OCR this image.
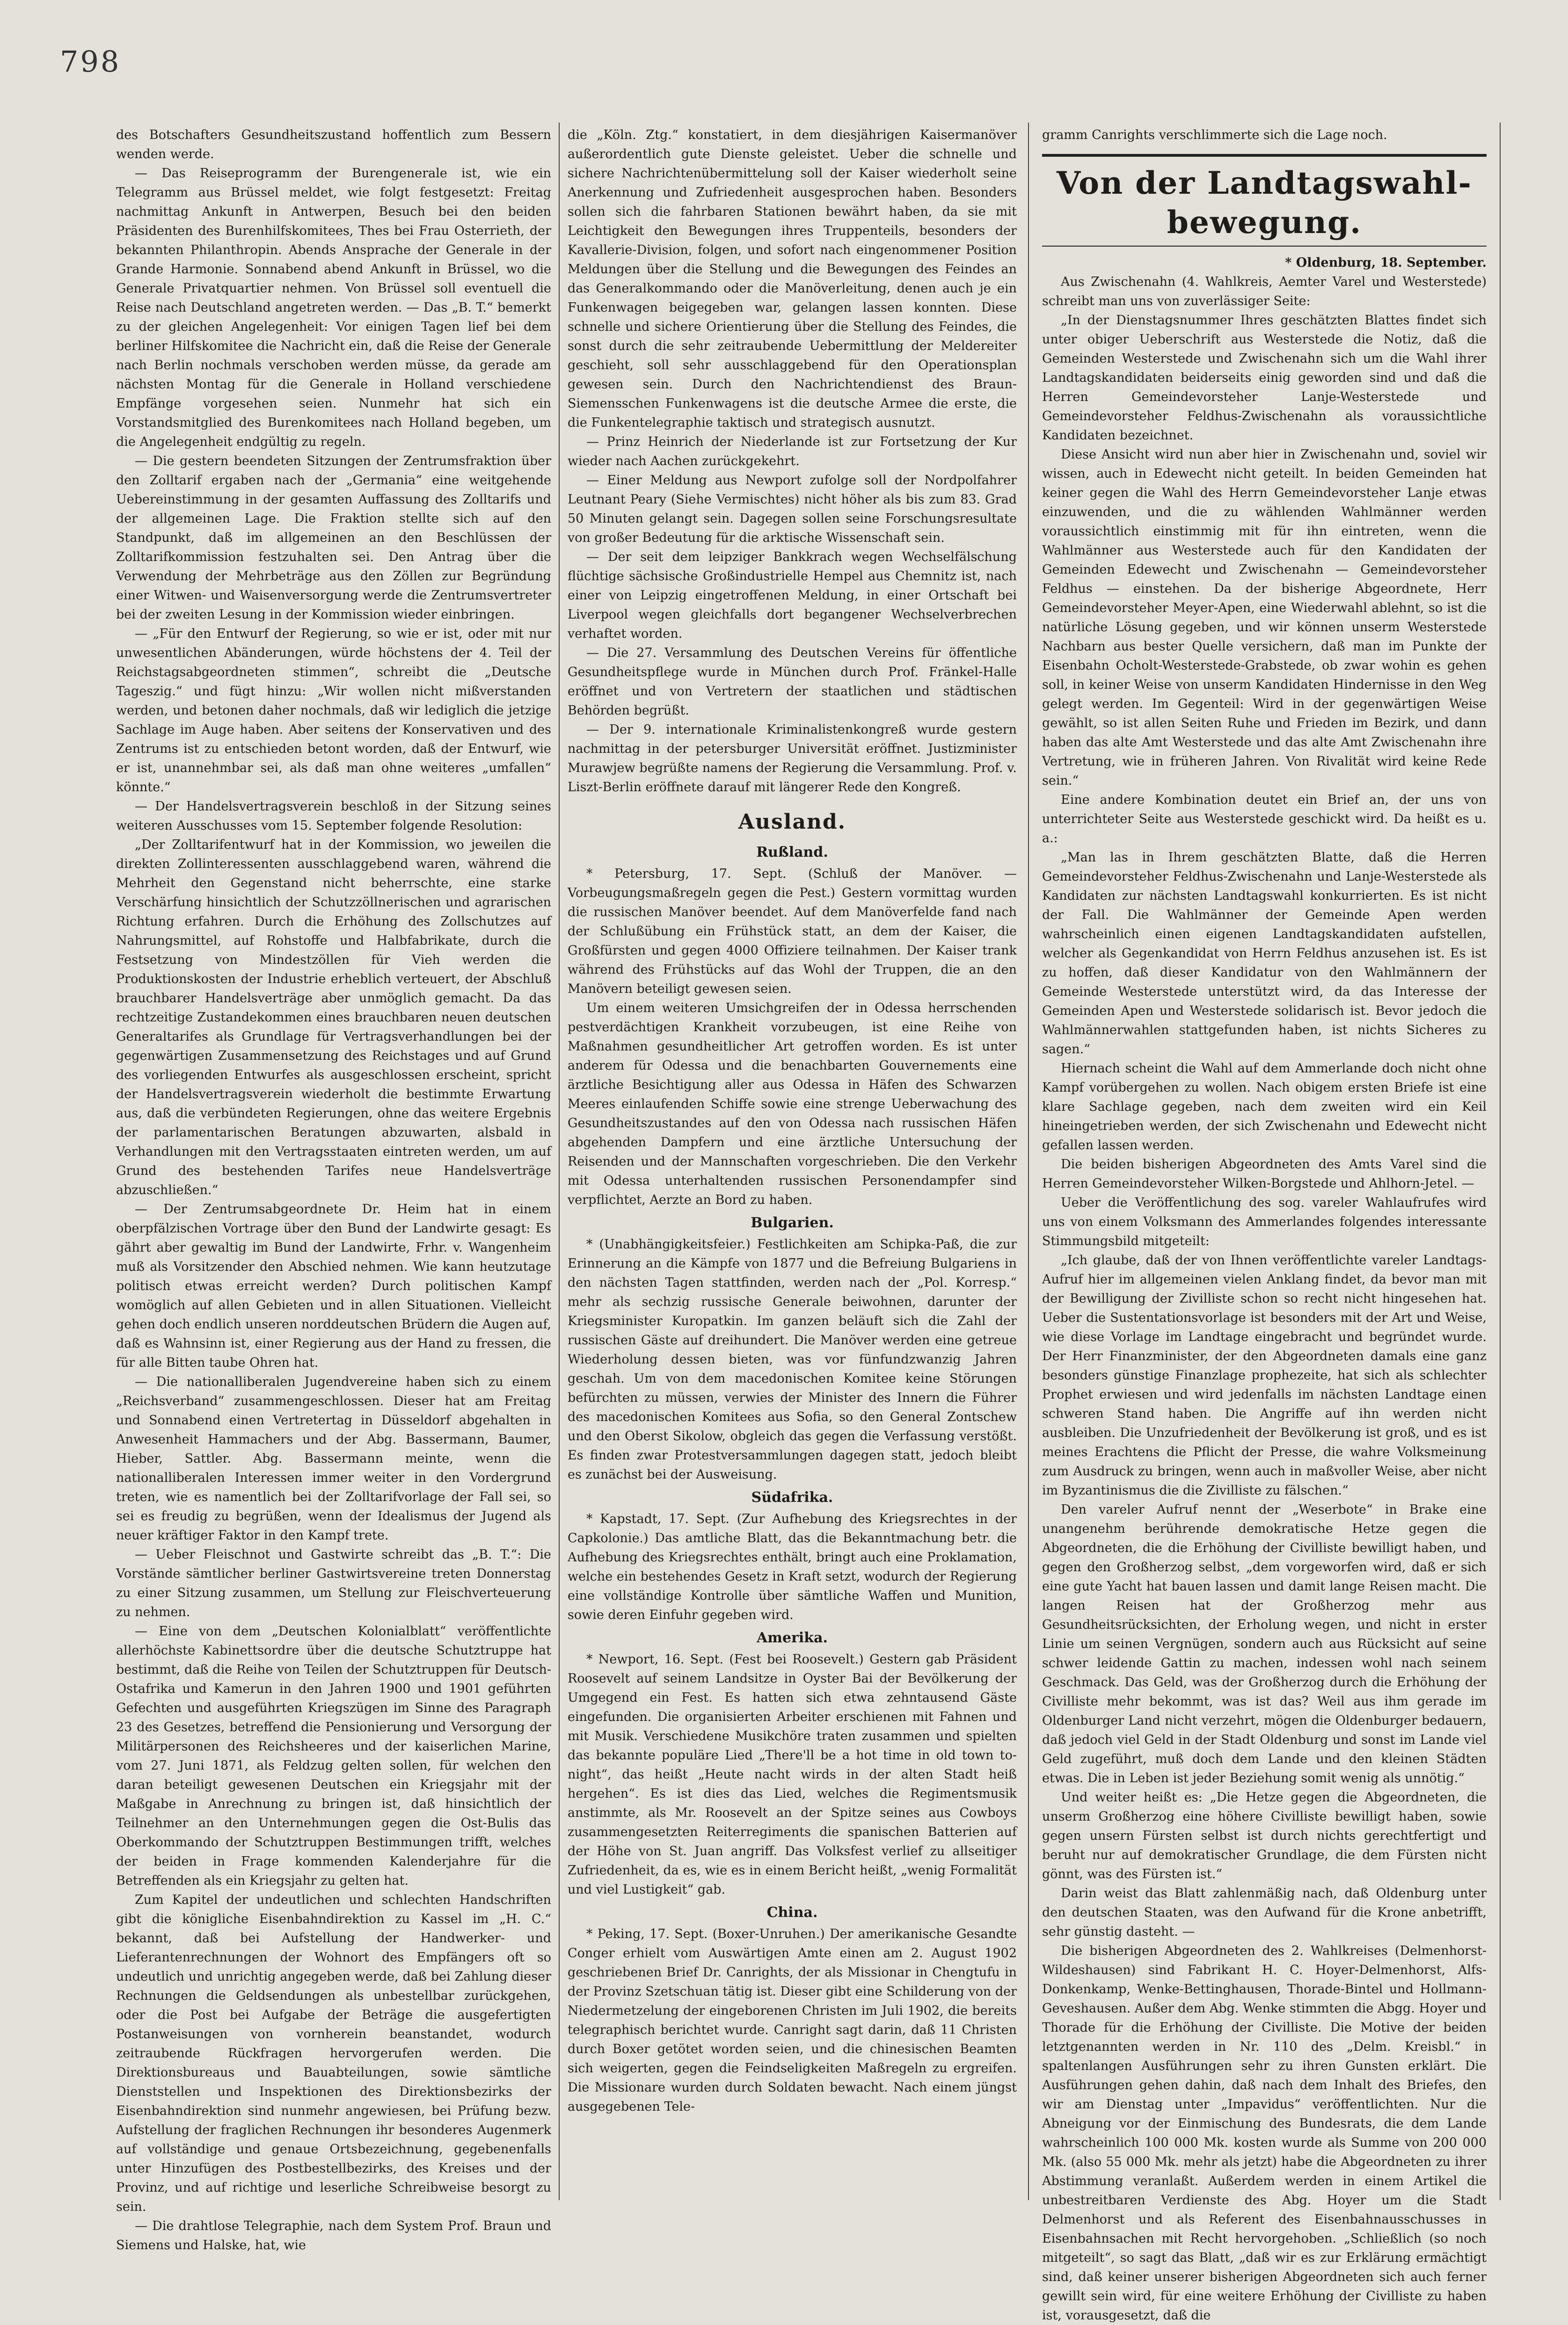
798

des Botschafters Gesundheitszustand hoffentlich zum Bessern wenden werde.

— Das Reiseprogramm der Burengenerale ist, wie ein Telegramm aus Brüssel meldet, wie folgt festgesetzt: Freitag nachmittag Ankunft in Antwerpen, Besuch bei den beiden Präsidenten des Burenhilfskomitees, Thes bei Frau Osterrieth, der bekannten Philanthropin. Abends Ansprache der Generale in der Grande Harmonie. Sonnabend abend Ankunft in Brüssel, wo die Generale Privatquartier nehmen. Von Brüssel soll eventuell die Reise nach Deutschland angetreten werden. — Das „B. T.“ bemerkt zu der gleichen Angelegenheit: Vor einigen Tagen lief bei dem berliner Hilfskomitee die Nachricht ein, daß die Reise der Generale nach Berlin nochmals verschoben werden müsse, da gerade am nächsten Montag für die Generale in Holland verschiedene Empfänge vorgesehen seien. Nunmehr hat sich ein Vorstandsmitglied des Burenkomitees nach Holland begeben, um die Angelegenheit endgültig zu regeln.

— Die gestern beendeten Sitzungen der Zentrumsfraktion über den Zolltarif ergaben nach der „Germania“ eine weitgehende Uebereinstimmung in der gesamten Auffassung des Zolltarifs und der allgemeinen Lage. Die Fraktion stellte sich auf den Standpunkt, daß im allgemeinen an den Beschlüssen der Zolltarifkommission festzuhalten sei. Den Antrag über die Verwendung der Mehrbeträge aus den Zöllen zur Begründung einer Witwen- und Waisenversorgung werde die Zentrumsvertreter bei der zweiten Lesung in der Kommission wieder einbringen.

— „Für den Entwurf der Regierung, so wie er ist, oder mit nur unwesentlichen Abänderungen, würde höchstens der 4. Teil der Reichstagsabgeordneten stimmen“, schreibt die „Deutsche Tageszig.“ und fügt hinzu: „Wir wollen nicht mißverstanden werden, und betonen daher nochmals, daß wir lediglich die jetzige Sachlage im Auge haben. Aber seitens der Konservativen und des Zentrums ist zu entschieden betont worden, daß der Entwurf, wie er ist, unannehmbar sei, als daß man ohne weiteres „umfallen“ könnte.“

— Der Handelsvertragsverein beschloß in der Sitzung seines weiteren Ausschusses vom 15. September folgende Resolution:

„Der Zolltarifentwurf hat in der Kommission, wo jeweilen die direkten Zollinteressenten ausschlaggebend waren, während die Mehrheit den Gegenstand nicht beherrschte, eine starke Verschärfung hinsichtlich der Schutzzöllnerischen und agrarischen Richtung erfahren. Durch die Erhöhung des Zollschutzes auf Nahrungsmittel, auf Rohstoffe und Halbfabrikate, durch die Festsetzung von Mindestzöllen für Vieh werden die Produktionskosten der Industrie erheblich verteuert, der Abschluß brauchbarer Handelsverträge aber unmöglich gemacht. Da das rechtzeitige Zustandekommen eines brauchbaren neuen deutschen Generaltarifes als Grundlage für Vertragsverhandlungen bei der gegenwärtigen Zusammensetzung des Reichstages und auf Grund des vorliegenden Entwurfes als ausgeschlossen erscheint, spricht der Handelsvertragsverein wiederholt die bestimmte Erwartung aus, daß die verbündeten Regierungen, ohne das weitere Ergebnis der parlamentarischen Beratungen abzuwarten, alsbald in Verhandlungen mit den Vertragsstaaten eintreten werden, um auf Grund des bestehenden Tarifes neue Handelsverträge abzuschließen.“

— Der Zentrumsabgeordnete Dr. Heim hat in einem oberpfälzischen Vortrage über den Bund der Landwirte gesagt: Es gährt aber gewaltig im Bund der Landwirte, Frhr. v. Wangenheim muß als Vorsitzender den Abschied nehmen. Wie kann heutzutage politisch etwas erreicht werden? Durch politischen Kampf womöglich auf allen Gebieten und in allen Situationen. Vielleicht gehen doch endlich unseren norddeutschen Brüdern die Augen auf, daß es Wahnsinn ist, einer Regierung aus der Hand zu fressen, die für alle Bitten taube Ohren hat.

— Die nationalliberalen Jugendvereine haben sich zu einem „Reichsverband“ zusammengeschlossen. Dieser hat am Freitag und Sonnabend einen Vertretertag in Düsseldorf abgehalten in Anwesenheit Hammachers und der Abg. Bassermann, Baumer, Hieber, Sattler. Abg. Bassermann meinte, wenn die nationalliberalen Interessen immer weiter in den Vordergrund treten, wie es namentlich bei der Zolltarifvorlage der Fall sei, so sei es freudig zu begrüßen, wenn der Idealismus der Jugend als neuer kräftiger Faktor in den Kampf trete.

— Ueber Fleischnot und Gastwirte schreibt das „B. T.“: Die Vorstände sämtlicher berliner Gastwirtsvereine treten Donnerstag zu einer Sitzung zusammen, um Stellung zur Fleischverteuerung zu nehmen.

— Eine von dem „Deutschen Kolonialblatt“ veröffentlichte allerhöchste Kabinettsordre über die deutsche Schutztruppe hat bestimmt, daß die Reihe von Teilen der Schutztruppen für Deutsch-Ostafrika und Kamerun in den Jahren 1900 und 1901 geführten Gefechten und ausgeführten Kriegszügen im Sinne des Paragraph 23 des Gesetzes, betreffend die Pensionierung und Versorgung der Militärpersonen des Reichsheeres und der kaiserlichen Marine, vom 27. Juni 1871, als Feldzug gelten sollen, für welchen den daran beteiligt gewesenen Deutschen ein Kriegsjahr mit der Maßgabe in Anrechnung zu bringen ist, daß hinsichtlich der Teilnehmer an den Unternehmungen gegen die Ost-Bulis das Oberkommando der Schutztruppen Bestimmungen trifft, welches der beiden in Frage kommenden Kalenderjahre für die Betreffenden als ein Kriegsjahr zu gelten hat.

Zum Kapitel der undeutlichen und schlechten Handschriften gibt die königliche Eisenbahndirektion zu Kassel im „H. C.“ bekannt, daß bei Aufstellung der Handwerker- und Lieferantenrechnungen der Wohnort des Empfängers oft so undeutlich und unrichtig angegeben werde, daß bei Zahlung dieser Rechnungen die Geldsendungen als unbestellbar zurückgehen, oder die Post bei Aufgabe der Beträge die ausgefertigten Postanweisungen von vornherein beanstandet, wodurch zeitraubende Rückfragen hervorgerufen werden. Die Direktionsbureaus und Bauabteilungen, sowie sämtliche Dienststellen und Inspektionen des Direktionsbezirks der Eisenbahndirektion sind nunmehr angewiesen, bei Prüfung bezw. Aufstellung der fraglichen Rechnungen ihr besonderes Augenmerk auf vollständige und genaue Ortsbezeichnung, gegebenenfalls unter Hinzufügen des Postbestellbezirks, des Kreises und der Provinz, und auf richtige und leserliche Schreibweise besorgt zu sein.

— Die drahtlose Telegraphie, nach dem System Prof. Braun und Siemens und Halske, hat, wie

die „Köln. Ztg.“ konstatiert, in dem diesjährigen Kaisermanöver außerordentlich gute Dienste geleistet. Ueber die schnelle und sichere Nachrichtenübermittelung soll der Kaiser wiederholt seine Anerkennung und Zufriedenheit ausgesprochen haben. Besonders sollen sich die fahrbaren Stationen bewährt haben, da sie mit Leichtigkeit den Bewegungen ihres Truppenteils, besonders der Kavallerie-Division, folgen, und sofort nach eingenommener Position Meldungen über die Stellung und die Bewegungen des Feindes an das Generalkommando oder die Manöverleitung, denen auch je ein Funkenwagen beigegeben war, gelangen lassen konnten. Diese schnelle und sichere Orientierung über die Stellung des Feindes, die sonst durch die sehr zeitraubende Uebermittlung der Meldereiter geschieht, soll sehr ausschlaggebend für den Operationsplan gewesen sein. Durch den Nachrichtendienst des Braun-Siemensschen Funkenwagens ist die deutsche Armee die erste, die die Funkentelegraphie taktisch und strategisch ausnutzt.

— Prinz Heinrich der Niederlande ist zur Fortsetzung der Kur wieder nach Aachen zurückgekehrt.

— Einer Meldung aus Newport zufolge soll der Nordpolfahrer Leutnant Peary (Siehe Vermischtes) nicht höher als bis zum 83. Grad 50 Minuten gelangt sein. Dagegen sollen seine Forschungsresultate von großer Bedeutung für die arktische Wissenschaft sein.

— Der seit dem leipziger Bankkrach wegen Wechselfälschung flüchtige sächsische Großindustrielle Hempel aus Chemnitz ist, nach einer von Leipzig eingetroffenen Meldung, in einer Ortschaft bei Liverpool wegen gleichfalls dort begangener Wechselverbrechen verhaftet worden.

— Die 27. Versammlung des Deutschen Vereins für öffentliche Gesundheitspflege wurde in München durch Prof. Fränkel-Halle eröffnet und von Vertretern der staatlichen und städtischen Behörden begrüßt.

— Der 9. internationale Kriminalistenkongreß wurde gestern nachmittag in der petersburger Universität eröffnet. Justizminister Murawjew begrüßte namens der Regierung die Versammlung. Prof. v. Liszt-Berlin eröffnete darauf mit längerer Rede den Kongreß.

Ausland.
Rußland.

* Petersburg, 17. Sept. (Schluß der Manöver. — Vorbeugungsmaßregeln gegen die Pest.) Gestern vormittag wurden die russischen Manöver beendet. Auf dem Manöverfelde fand nach der Schlußübung ein Frühstück statt, an dem der Kaiser, die Großfürsten und gegen 4000 Offiziere teilnahmen. Der Kaiser trank während des Frühstücks auf das Wohl der Truppen, die an den Manövern beteiligt gewesen seien.

Um einem weiteren Umsichgreifen der in Odessa herrschenden pestverdächtigen Krankheit vorzubeugen, ist eine Reihe von Maßnahmen gesundheitlicher Art getroffen worden. Es ist unter anderem für Odessa und die benachbarten Gouvernements eine ärztliche Besichtigung aller aus Odessa in Häfen des Schwarzen Meeres einlaufenden Schiffe sowie eine strenge Ueberwachung des Gesundheitszustandes auf den von Odessa nach russischen Häfen abgehenden Dampfern und eine ärztliche Untersuchung der Reisenden und der Mannschaften vorgeschrieben. Die den Verkehr mit Odessa unterhaltenden russischen Personendampfer sind verpflichtet, Aerzte an Bord zu haben.

Bulgarien.

* (Unabhängigkeitsfeier.) Festlichkeiten am Schipka-Paß, die zur Erinnerung an die Kämpfe von 1877 und die Befreiung Bulgariens in den nächsten Tagen stattfinden, werden nach der „Pol. Korresp.“ mehr als sechzig russische Generale beiwohnen, darunter der Kriegsminister Kuropatkin. Im ganzen beläuft sich die Zahl der russischen Gäste auf dreihundert. Die Manöver werden eine getreue Wiederholung dessen bieten, was vor fünfundzwanzig Jahren geschah. Um von dem macedonischen Komitee keine Störungen befürchten zu müssen, verwies der Minister des Innern die Führer des macedonischen Komitees aus Sofia, so den General Zontschew und den Oberst Sikolow, obgleich das gegen die Verfassung verstößt. Es finden zwar Protestversammlungen dagegen statt, jedoch bleibt es zunächst bei der Ausweisung.

Südafrika.

* Kapstadt, 17. Sept. (Zur Aufhebung des Kriegsrechtes in der Capkolonie.) Das amtliche Blatt, das die Bekanntmachung betr. die Aufhebung des Kriegsrechtes enthält, bringt auch eine Proklamation, welche ein bestehendes Gesetz in Kraft setzt, wodurch der Regierung eine vollständige Kontrolle über sämtliche Waffen und Munition, sowie deren Einfuhr gegeben wird.

Amerika.

* Newport, 16. Sept. (Fest bei Roosevelt.) Gestern gab Präsident Roosevelt auf seinem Landsitze in Oyster Bai der Bevölkerung der Umgegend ein Fest. Es hatten sich etwa zehntausend Gäste eingefunden. Die organisierten Arbeiter erschienen mit Fahnen und mit Musik. Verschiedene Musikchöre traten zusammen und spielten das bekannte populäre Lied „There'll be a hot time in old town to-night“, das heißt „Heute nacht wirds in der alten Stadt heiß hergehen“. Es ist dies das Lied, welches die Regimentsmusik anstimmte, als Mr. Roosevelt an der Spitze seines aus Cowboys zusammengesetzten Reiterregiments die spanischen Batterien auf der Höhe von St. Juan angriff. Das Volksfest verlief zu allseitiger Zufriedenheit, da es, wie es in einem Bericht heißt, „wenig Formalität und viel Lustigkeit“ gab.

China.

* Peking, 17. Sept. (Boxer-Unruhen.) Der amerikanische Gesandte Conger erhielt vom Auswärtigen Amte einen am 2. August 1902 geschriebenen Brief Dr. Canrights, der als Missionar in Chengtufu in der Provinz Szetschuan tätig ist. Dieser gibt eine Schilderung von der Niedermetzelung der eingeborenen Christen im Juli 1902, die bereits telegraphisch berichtet wurde. Canright sagt darin, daß 11 Christen durch Boxer getötet worden seien, und die chinesischen Beamten sich weigerten, gegen die Feindseligkeiten Maßregeln zu ergreifen. Die Missionare wurden durch Soldaten bewacht. Nach einem jüngst ausgegebenen Tele-

gramm Canrights verschlimmerte sich die Lage noch.

Von der Landtagswahl-
bewegung.

* Oldenburg, 18. September.

Aus Zwischenahn (4. Wahlkreis, Aemter Varel und Westerstede) schreibt man uns von zuverlässiger Seite:

„In der Dienstagsnummer Ihres geschätzten Blattes findet sich unter obiger Ueberschrift aus Westerstede die Notiz, daß die Gemeinden Westerstede und Zwischenahn sich um die Wahl ihrer Landtagskandidaten beiderseits einig geworden sind und daß die Herren Gemeindevorsteher Lanje-Westerstede und Gemeindevorsteher Feldhus-Zwischenahn als voraussichtliche Kandidaten bezeichnet.

Diese Ansicht wird nun aber hier in Zwischenahn und, soviel wir wissen, auch in Edewecht nicht geteilt. In beiden Gemeinden hat keiner gegen die Wahl des Herrn Gemeindevorsteher Lanje etwas einzuwenden, und die zu wählenden Wahlmänner werden voraussichtlich einstimmig mit für ihn eintreten, wenn die Wahlmänner aus Westerstede auch für den Kandidaten der Gemeinden Edewecht und Zwischenahn — Gemeindevorsteher Feldhus — einstehen. Da der bisherige Abgeordnete, Herr Gemeindevorsteher Meyer-Apen, eine Wiederwahl ablehnt, so ist die natürliche Lösung gegeben, und wir können unserm Westerstede Nachbarn aus bester Quelle versichern, daß man im Punkte der Eisenbahn Ocholt-Westerstede-Grabstede, ob zwar wohin es gehen soll, in keiner Weise von unserm Kandidaten Hindernisse in den Weg gelegt werden. Im Gegenteil: Wird in der gegenwärtigen Weise gewählt, so ist allen Seiten Ruhe und Frieden im Bezirk, und dann haben das alte Amt Westerstede und das alte Amt Zwischenahn ihre Vertretung, wie in früheren Jahren. Von Rivalität wird keine Rede sein.“

Eine andere Kombination deutet ein Brief an, der uns von unterrichteter Seite aus Westerstede geschickt wird. Da heißt es u. a.:

„Man las in Ihrem geschätzten Blatte, daß die Herren Gemeindevorsteher Feldhus-Zwischenahn und Lanje-Westerstede als Kandidaten zur nächsten Landtagswahl konkurrierten. Es ist nicht der Fall. Die Wahlmänner der Gemeinde Apen werden wahrscheinlich einen eigenen Landtagskandidaten aufstellen, welcher als Gegenkandidat von Herrn Feldhus anzusehen ist. Es ist zu hoffen, daß dieser Kandidatur von den Wahlmännern der Gemeinde Westerstede unterstützt wird, da das Interesse der Gemeinden Apen und Westerstede solidarisch ist. Bevor jedoch die Wahlmännerwahlen stattgefunden haben, ist nichts Sicheres zu sagen.“

Hiernach scheint die Wahl auf dem Ammerlande doch nicht ohne Kampf vorübergehen zu wollen. Nach obigem ersten Briefe ist eine klare Sachlage gegeben, nach dem zweiten wird ein Keil hineingetrieben werden, der sich Zwischenahn und Edewecht nicht gefallen lassen werden.

Die beiden bisherigen Abgeordneten des Amts Varel sind die Herren Gemeindevorsteher Wilken-Borgstede und Ahlhorn-Jetel. —

Ueber die Veröffentlichung des sog. vareler Wahlaufrufes wird uns von einem Volksmann des Ammerlandes folgendes interessante Stimmungsbild mitgeteilt:

„Ich glaube, daß der von Ihnen veröffentlichte vareler Landtags-Aufruf hier im allgemeinen vielen Anklang findet, da bevor man mit der Bewilligung der Zivilliste schon so recht nicht hingesehen hat. Ueber die Sustentationsvorlage ist besonders mit der Art und Weise, wie diese Vorlage im Landtage eingebracht und begründet wurde. Der Herr Finanzminister, der den Abgeordneten damals eine ganz besonders günstige Finanzlage prophezeite, hat sich als schlechter Prophet erwiesen und wird jedenfalls im nächsten Landtage einen schweren Stand haben. Die Angriffe auf ihn werden nicht ausbleiben. Die Unzufriedenheit der Bevölkerung ist groß, und es ist meines Erachtens die Pflicht der Presse, die wahre Volksmeinung zum Ausdruck zu bringen, wenn auch in maßvoller Weise, aber nicht im Byzantinismus die die Zivilliste zu fälschen.“

Den vareler Aufruf nennt der „Weserbote“ in Brake eine unangenehm berührende demokratische Hetze gegen die Abgeordneten, die die Erhöhung der Civilliste bewilligt haben, und gegen den Großherzog selbst, „dem vorgeworfen wird, daß er sich eine gute Yacht hat bauen lassen und damit lange Reisen macht. Die langen Reisen hat der Großherzog mehr aus Gesundheitsrücksichten, der Erholung wegen, und nicht in erster Linie um seinen Vergnügen, sondern auch aus Rücksicht auf seine schwer leidende Gattin zu machen, indessen wohl nach seinem Geschmack. Das Geld, was der Großherzog durch die Erhöhung der Civilliste mehr bekommt, was ist das? Weil aus ihm gerade im Oldenburger Land nicht verzehrt, mögen die Oldenburger bedauern, daß jedoch viel Geld in der Stadt Oldenburg und sonst im Lande viel Geld zugeführt, muß doch dem Lande und den kleinen Städten etwas. Die in Leben ist jeder Beziehung somit wenig als unnötig.“

Und weiter heißt es: „Die Hetze gegen die Abgeordneten, die unserm Großherzog eine höhere Civilliste bewilligt haben, sowie gegen unsern Fürsten selbst ist durch nichts gerechtfertigt und beruht nur auf demokratischer Grundlage, die dem Fürsten nicht gönnt, was des Fürsten ist.“

Darin weist das Blatt zahlenmäßig nach, daß Oldenburg unter den deutschen Staaten, was den Aufwand für die Krone anbetrifft, sehr günstig dasteht. —

Die bisherigen Abgeordneten des 2. Wahlkreises (Delmenhorst-Wildeshausen) sind Fabrikant H. C. Hoyer-Delmenhorst, Alfs-Donkenkamp, Wenke-Bettinghausen, Thorade-Bintel und Hollmann-Geveshausen. Außer dem Abg. Wenke stimmten die Abgg. Hoyer und Thorade für die Erhöhung der Civilliste. Die Motive der beiden letztgenannten werden in Nr. 110 des „Delm. Kreisbl.“ in spaltenlangen Ausführungen sehr zu ihren Gunsten erklärt. Die Ausführungen gehen dahin, daß nach dem Inhalt des Briefes, den wir am Dienstag unter „Impavidus“ veröffentlichten. Nur die Abneigung vor der Einmischung des Bundesrats, die dem Lande wahrscheinlich 100 000 Mk. kosten wurde als Summe von 200 000 Mk. (also 55 000 Mk. mehr als jetzt) habe die Abgeordneten zu ihrer Abstimmung veranlaßt. Außerdem werden in einem Artikel die unbestreitbaren Verdienste des Abg. Hoyer um die Stadt Delmenhorst und als Referent des Eisenbahnausschusses in Eisenbahnsachen mit Recht hervorgehoben. „Schließlich (so noch mitgeteilt“, so sagt das Blatt, „daß wir es zur Erklärung ermächtigt sind, daß keiner unserer bisherigen Abgeordneten sich auch ferner gewillt sein wird, für eine weitere Erhöhung der Civilliste zu haben ist, vorausgesetzt, daß die
